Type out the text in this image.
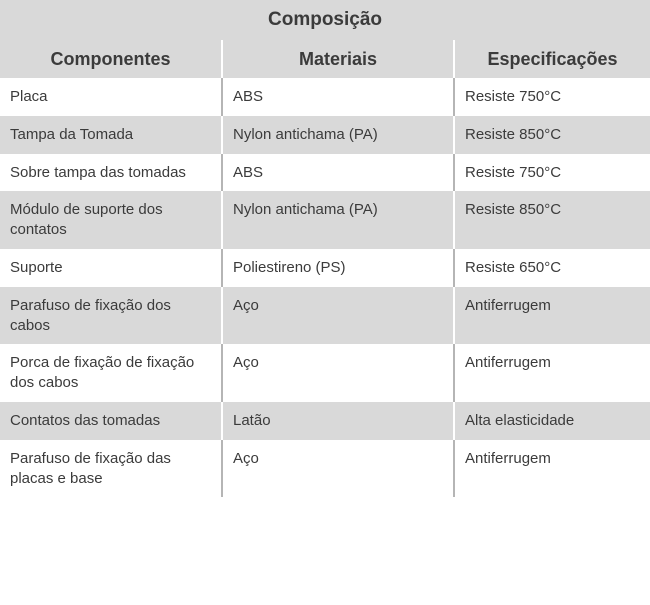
Composição		
Componentes	Materiais	Especificações

Placa	ABS	Resiste 750°C

Tampa da Tomada	Nylon antichama (PA)	Resiste 850°C

Sobre tampa das tomadas	ABS	Resiste 750°C

Módulo de suporte dos contatos	Nylon antichama (PA)	Resiste 850°C

Suporte	Poliestireno (PS)	Resiste 650°C

Parafuso de fixação dos cabos	Aço	Antiferrugem

Porca de fixação de fixação dos cabos	Aço	Antiferrugem

Contatos das tomadas	Latão	Alta elasticidade

Parafuso de fixação das placas e base	Aço	Antiferrugem
